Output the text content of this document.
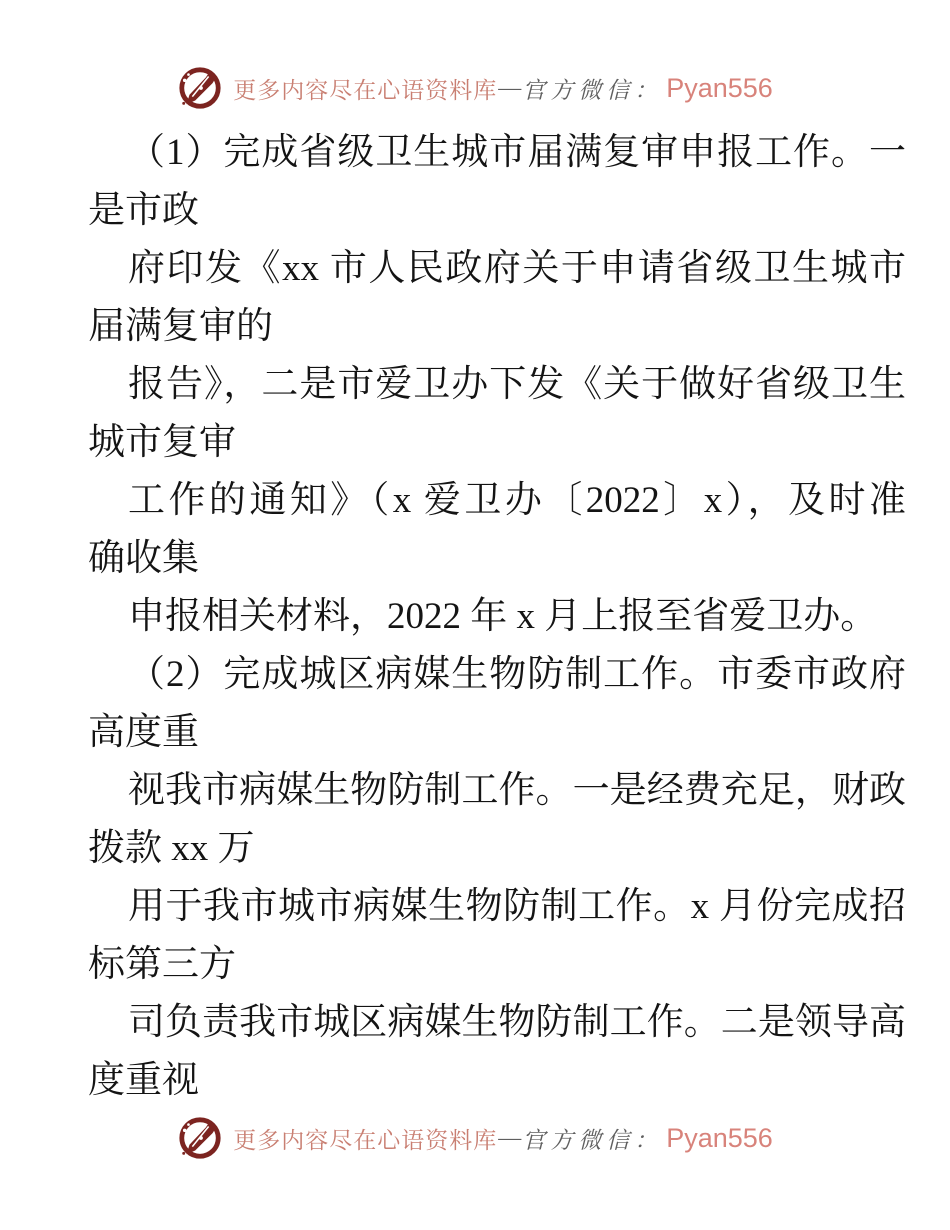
更多内容尽在心语资料库 — 官方微信： Pyan556

（1）完成省级卫生城市届满复审申报工作。一

是市政

府印发《xx 市人民政府关于申请省级卫生城市

届满复审的

报告》，二是市爱卫办下发《关于做好省级卫生

城市复审

工作的通知》（x 爱卫办〔2022〕x），及时准

确收集

申报相关材料，2022 年 x 月上报至省爱卫办。

（2）完成城区病媒生物防制工作。市委市政府

高度重

视我市病媒生物防制工作。一是经费充足，财政

拨款 xx 万

用于我市城市病媒生物防制工作。x 月份完成招

标第三方

司负责我市城区病媒生物防制工作。二是领导高

度重视

更多内容尽在心语资料库 — 官方微信： Pyan556
